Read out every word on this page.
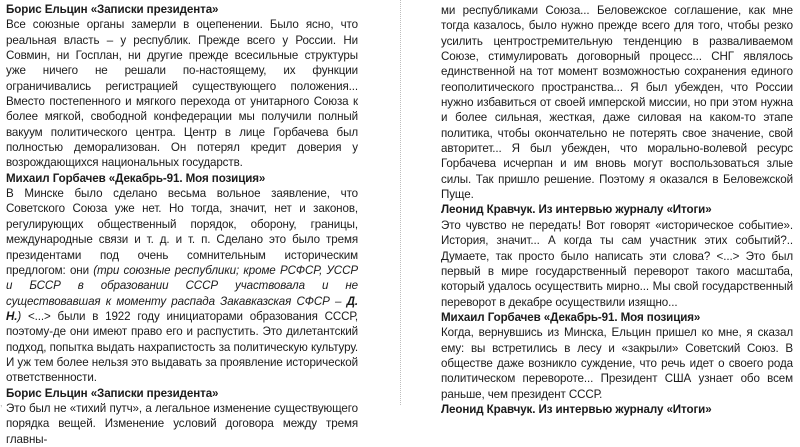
Борис Ельцин «Записки президента»

Все союзные органы замерли в оцепенении. Было ясно, что реальная власть – у республик. Прежде всего у России. Ни Совмин, ни Госплан, ни другие прежде всесильные структуры уже ничего не решали по-настоящему, их функции ограничивались регистрацией существующего положения... Вместо постепенного и мягкого перехода от унитарного Союза к более мягкой, свободной конфедерации мы получили полный вакуум политического центра. Центр в лице Горбачева был полностью деморализован. Он потерял кредит доверия у возрождающихся национальных государств.

Михаил Горбачев «Декабрь-91. Моя позиция»

В Минске было сделано весьма вольное заявление, что Советского Союза уже нет. Но тогда, значит, нет и законов, регулирующих общественный порядок, оборону, границы, международные связи и т. д. и т. п. Сделано это было тремя президентами под очень сомнительным историческим предлогом: они (три союзные республики; кроме РСФСР, УССР и БССР в образовании СССР участвовала и не существовавшая к моменту распада Закавказская СФСР – Д. Н.) <...> были в 1922 году инициаторами образования СССР, поэтому-де они имеют право его и распустить. Это дилетантский подход, попытка выдать нахрапистость за политическую культуру. И уж тем более нельзя это выдавать за проявление исторической ответственности.

Борис Ельцин «Записки президента»

Это был не «тихий путч», а легальное изменение существующего порядка вещей. Изменение условий договора между тремя главны-

ми республиками Союза... Беловежское соглашение, как мне тогда казалось, было нужно прежде всего для того, чтобы резко усилить центростремительную тенденцию в разваливаемом Союзе, стимулировать договорный процесс... СНГ являлось единственной на тот момент возможностью сохранения единого геополитического пространства... Я был убежден, что России нужно избавиться от своей имперской миссии, но при этом нужна и более сильная, жесткая, даже силовая на каком-то этапе политика, чтобы окончательно не потерять свое значение, свой авторитет... Я был убежден, что морально-волевой ресурс Горбачева исчерпан и им вновь могут воспользоваться злые силы. Так пришло решение. Поэтому я оказался в Беловежской Пуще.

Леонид Кравчук. Из интервью журналу «Итоги»

Это чувство не передать! Вот говорят «историческое событие». История, значит... А когда ты сам участник этих событий?.. Думаете, так просто было написать эти слова? <...> Это был первый в мире государственный переворот такого масштаба, который удалось осуществить мирно... Мы свой государственный переворот в декабре осуществили изящно...

Михаил Горбачев «Декабрь-91. Моя позиция»

Когда, вернувшись из Минска, Ельцин пришел ко мне, я сказал ему: вы встретились в лесу и «закрыли» Советский Союз. В обществе даже возникло суждение, что речь идет о своего рода политическом перевороте... Президент США узнает обо всем раньше, чем президент СССР.

Леонид Кравчук. Из интервью журналу «Итоги»

,
